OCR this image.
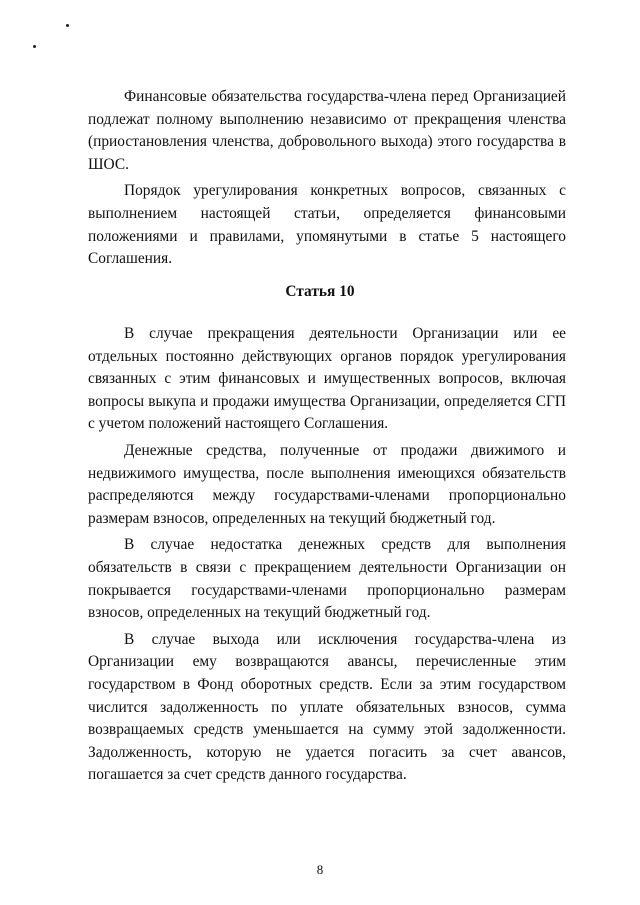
Финансовые обязательства государства-члена перед Организацией
подлежат полному выполнению независимо от прекращения членства
(приостановления членства, добровольного выхода) этого государства в
ШОС.

Порядок урегулирования конкретных вопросов, связанных с
выполнением настоящей статьи, определяется финансовыми
положениями и правилами, упомянутыми в статье 5 настоящего
Соглашения.

Статья 10

В случае прекращения деятельности Организации или ее
отдельных постоянно действующих органов порядок урегулирования
связанных с этим финансовых и имущественных вопросов, включая
вопросы выкупа и продажи имущества Организации, определяется СГП
с учетом положений настоящего Соглашения.

Денежные средства, полученные от продажи движимого и
недвижимого имущества, после выполнения имеющихся обязательств
распределяются между государствами-членами пропорционально
размерам взносов, определенных на текущий бюджетный год.

В случае недостатка денежных средств для выполнения
обязательств в связи с прекращением деятельности Организации он
покрывается государствами-членами пропорционально размерам
взносов, определенных на текущий бюджетный год.

В случае выхода или исключения государства-члена из
Организации ему возвращаются авансы, перечисленные этим
государством в Фонд оборотных средств. Если за этим государством
числится задолженность по уплате обязательных взносов, сумма
возвращаемых средств уменьшается на сумму этой задолженности.
Задолженность, которую не удается погасить за счет авансов,
погашается за счет средств данного государства.

8
